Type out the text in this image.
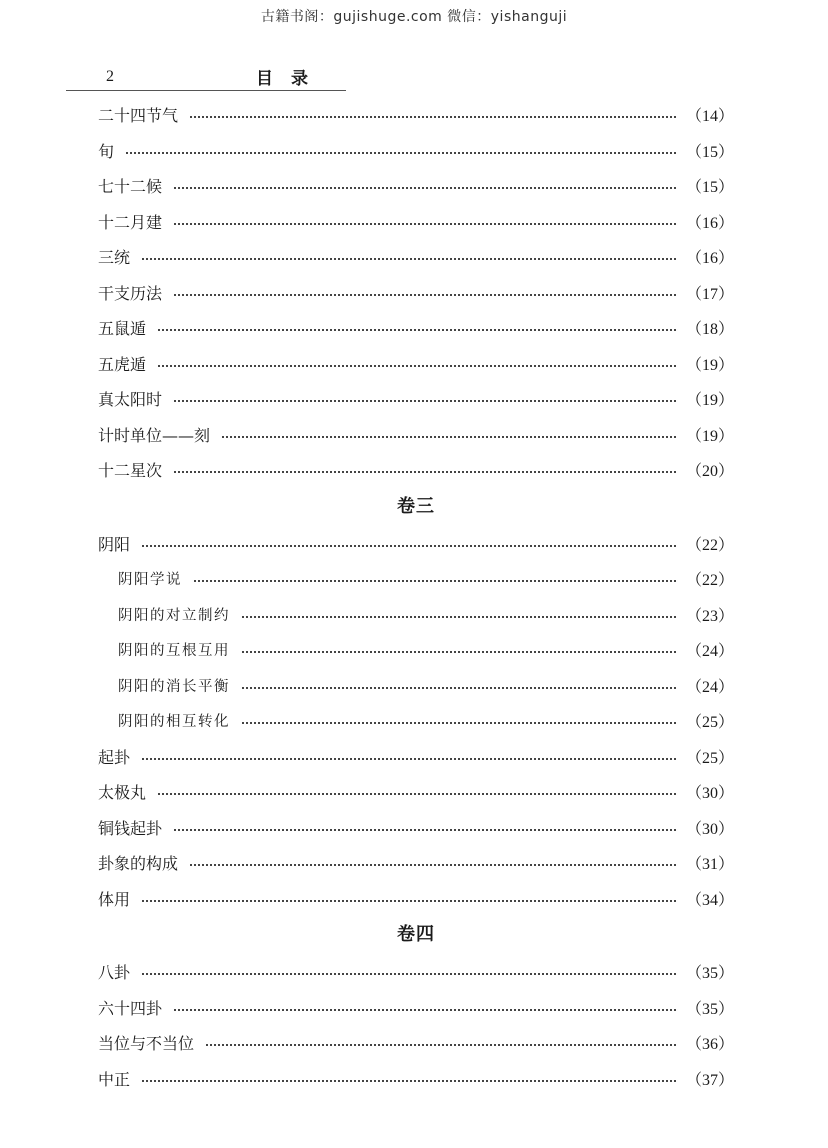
古籍书阁：gujishuge.com 微信：yishanguji
2	目录
二十四节气	（14）
旬	（15）
七十二候	（15）
十二月建	（16）
三统	（16）
干支历法	（17）
五鼠遁	（18）
五虎遁	（19）
真太阳时	（19）
计时单位——刻	（19）
十二星次	（20）
卷三
阴阳	（22）
阴阳学说	（22）
阴阳的对立制约	（23）
阴阳的互根互用	（24）
阴阳的消长平衡	（24）
阴阳的相互转化	（25）
起卦	（25）
太极丸	（30）
铜钱起卦	（30）
卦象的构成	（31）
体用	（34）
卷四
八卦	（35）
六十四卦	（35）
当位与不当位	（36）
中正	（37）
